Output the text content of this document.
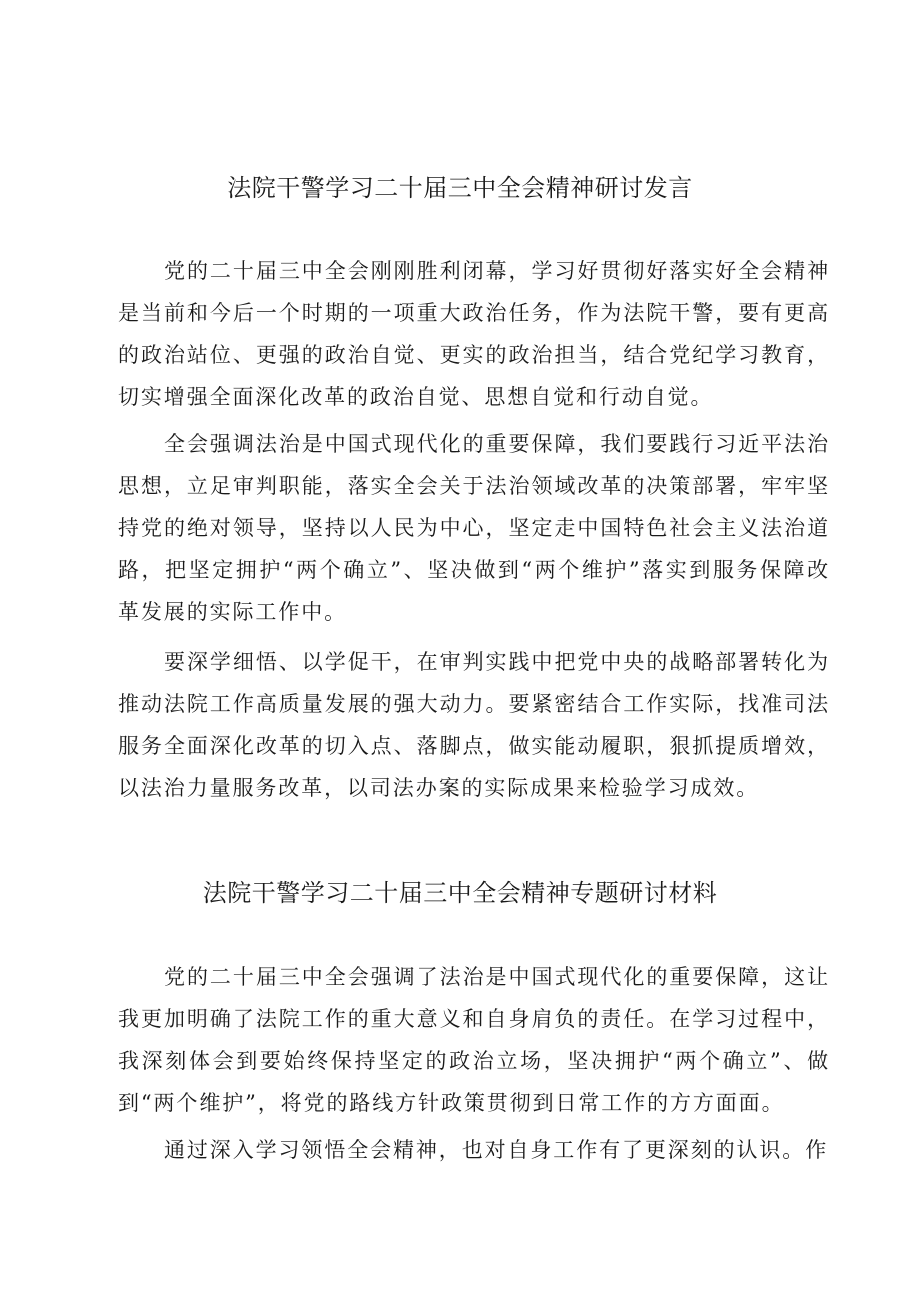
法院干警学习二十届三中全会精神研讨发言

党的二十届三中全会刚刚胜利闭幕，学习好贯彻好落实好全会精神是当前和今后一个时期的一项重大政治任务，作为法院干警，要有更高的政治站位、更强的政治自觉、更实的政治担当，结合党纪学习教育，切实增强全面深化改革的政治自觉、思想自觉和行动自觉。

全会强调法治是中国式现代化的重要保障，我们要践行习近平法治思想，立足审判职能，落实全会关于法治领域改革的决策部署，牢牢坚持党的绝对领导，坚持以人民为中心，坚定走中国特色社会主义法治道路，把坚定拥护“两个确立”、坚决做到“两个维护”落实到服务保障改革发展的实际工作中。

要深学细悟、以学促干，在审判实践中把党中央的战略部署转化为推动法院工作高质量发展的强大动力。要紧密结合工作实际，找准司法服务全面深化改革的切入点、落脚点，做实能动履职，狠抓提质增效，以法治力量服务改革，以司法办案的实际成果来检验学习成效。

法院干警学习二十届三中全会精神专题研讨材料

党的二十届三中全会强调了法治是中国式现代化的重要保障，这让我更加明确了法院工作的重大意义和自身肩负的责任。在学习过程中，我深刻体会到要始终保持坚定的政治立场，坚决拥护“两个确立”、做到“两个维护”，将党的路线方针政策贯彻到日常工作的方方面面。

通过深入学习领悟全会精神，也对自身工作有了更深刻的认识。作
